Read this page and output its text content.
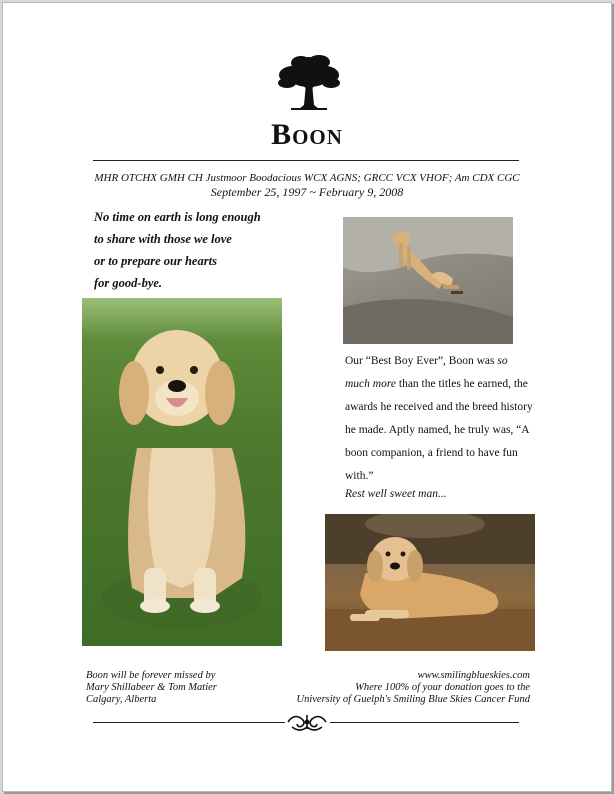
Boon
MHR OTCHX GMH CH Justmoor Boodacious WCX AGNS; GRCC VCX VHOF; Am CDX CGC
September 25, 1997 ~ February 9, 2008
No time on earth is long enough
to share with those we love
or to prepare our hearts
for good-bye.
Our “Best Boy Ever”, Boon was so much more than the titles he earned, the awards he received and the breed history he made. Aptly named, he truly was, “A boon companion, a friend to have fun with.”
Rest well sweet man...
Boon will be forever missed by
Mary Shillabeer & Tom Matier
Calgary, Alberta
www.smilingblueskies.com
Where 100% of your donation goes to the
University of Guelph's Smiling Blue Skies Cancer Fund
